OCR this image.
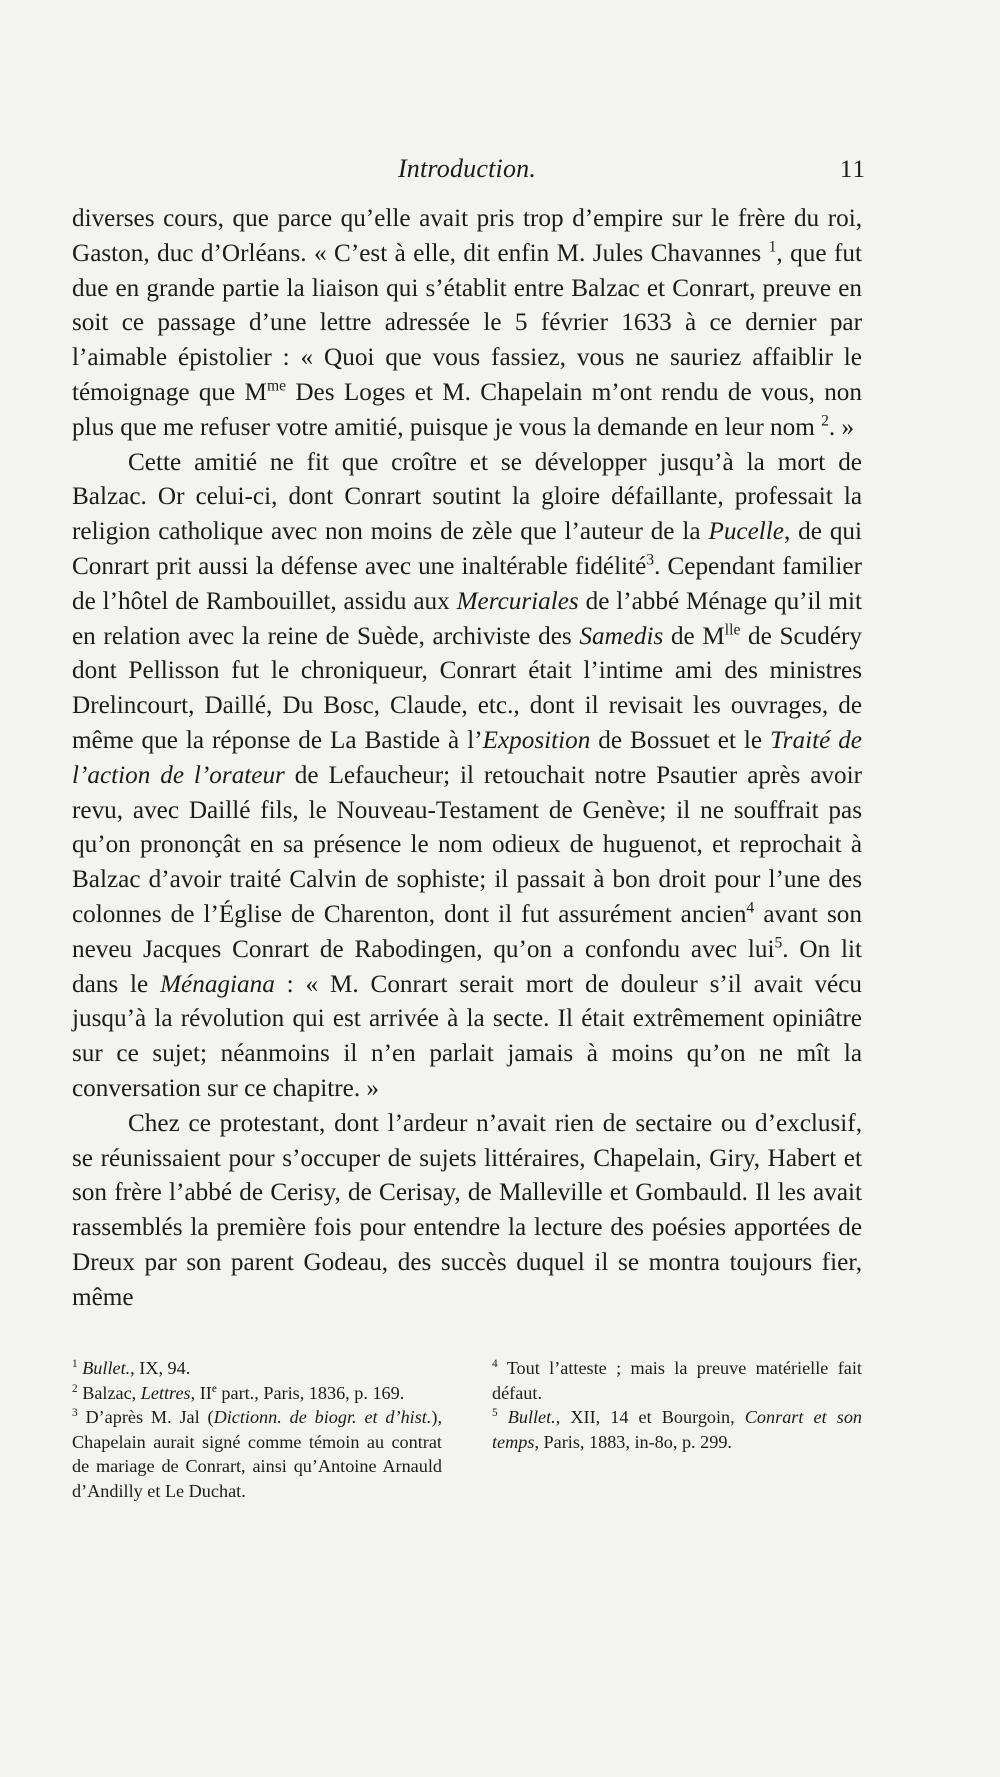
Introduction.	11

diverses cours, que parce qu’elle avait pris trop d’empire sur le frère du roi, Gaston, duc d’Orléans. « C’est à elle, dit enfin M. Jules Chavannes $^1$, que fut due en grande partie la liaison qui s’établit entre Balzac et Conrart, preuve en soit ce passage d’une lettre adressée le 5 février 1633 à ce dernier par l’aimable épistolier : « Quoi que vous fassiez, vous ne sauriez affaiblir le témoignage que $M^{me}$ Des Loges et M. Chapelain m’ont rendu de vous, non plus que me refuser votre amitié, puisque je vous la demande en leur nom $^2$. »

Cette amitié ne fit que croître et se développer jusqu’à la mort de Balzac. Or celui-ci, dont Conrart soutint la gloire défaillante, professait la religion catholique avec non moins de zèle que l’auteur de la Pucelle, de qui Conrart prit aussi la défense avec une inaltérable fidélité$^3$. Cependant familier de l’hôtel de Rambouillet, assidu aux Mercuriales de l’abbé Ménage qu’il mit en relation avec la reine de Suède, archiviste des Samedis de $M^{lle}$ de Scudéry dont Pellisson fut le chroniqueur, Conrart était l’intime ami des ministres Drelincourt, Daillé, Du Bosc, Claude, etc., dont il revisait les ouvrages, de même que la réponse de La Bastide à l’Exposition de Bossuet et le Traité de l’action de l’orateur de Lefaucheur; il retouchait notre Psautier après avoir revu, avec Daillé fils, le Nouveau-Testament de Genève; il ne souffrait pas qu’on prononçât en sa présence le nom odieux de huguenot, et reprochait à Balzac d’avoir traité Calvin de sophiste; il passait à bon droit pour l’une des colonnes de l’Église de Charenton, dont il fut assurément ancien$^4$ avant son neveu Jacques Conrart de Rabodingen, qu’on a confondu avec lui$^5$. On lit dans le Ménagiana : « M. Conrart serait mort de douleur s’il avait vécu jusqu’à la révolution qui est arrivée à la secte. Il était extrêmement opiniâtre sur ce sujet; néanmoins il n’en parlait jamais à moins qu’on ne mît la conversation sur ce chapitre. »

Chez ce protestant, dont l’ardeur n’avait rien de sectaire ou d’exclusif, se réunissaient pour s’occuper de sujets littéraires, Chapelain, Giry, Habert et son frère l’abbé de Cerisy, de Cerisay, de Malleville et Gombauld. Il les avait rassemblés la première fois pour entendre la lecture des poésies apportées de Dreux par son parent Godeau, des succès duquel il se montra toujours fier, même

$^1$ Bullet., IX, 94.

$^2$ Balzac, Lettres, IIe part., Paris, 1836, p. 169.

$^3$ D’après M. Jal (Dictionn. de biogr. et d’hist.), Chapelain aurait signé comme témoin au contrat de mariage de Conrart, ainsi qu’Antoine Arnauld d’Andilly et Le Duchat.

$^4$ Tout l’atteste ; mais la preuve matérielle fait défaut.

$^5$ Bullet., XII, 14 et Bourgoin, Conrart et son temps, Paris, 1883, in-8o, p. 299.
